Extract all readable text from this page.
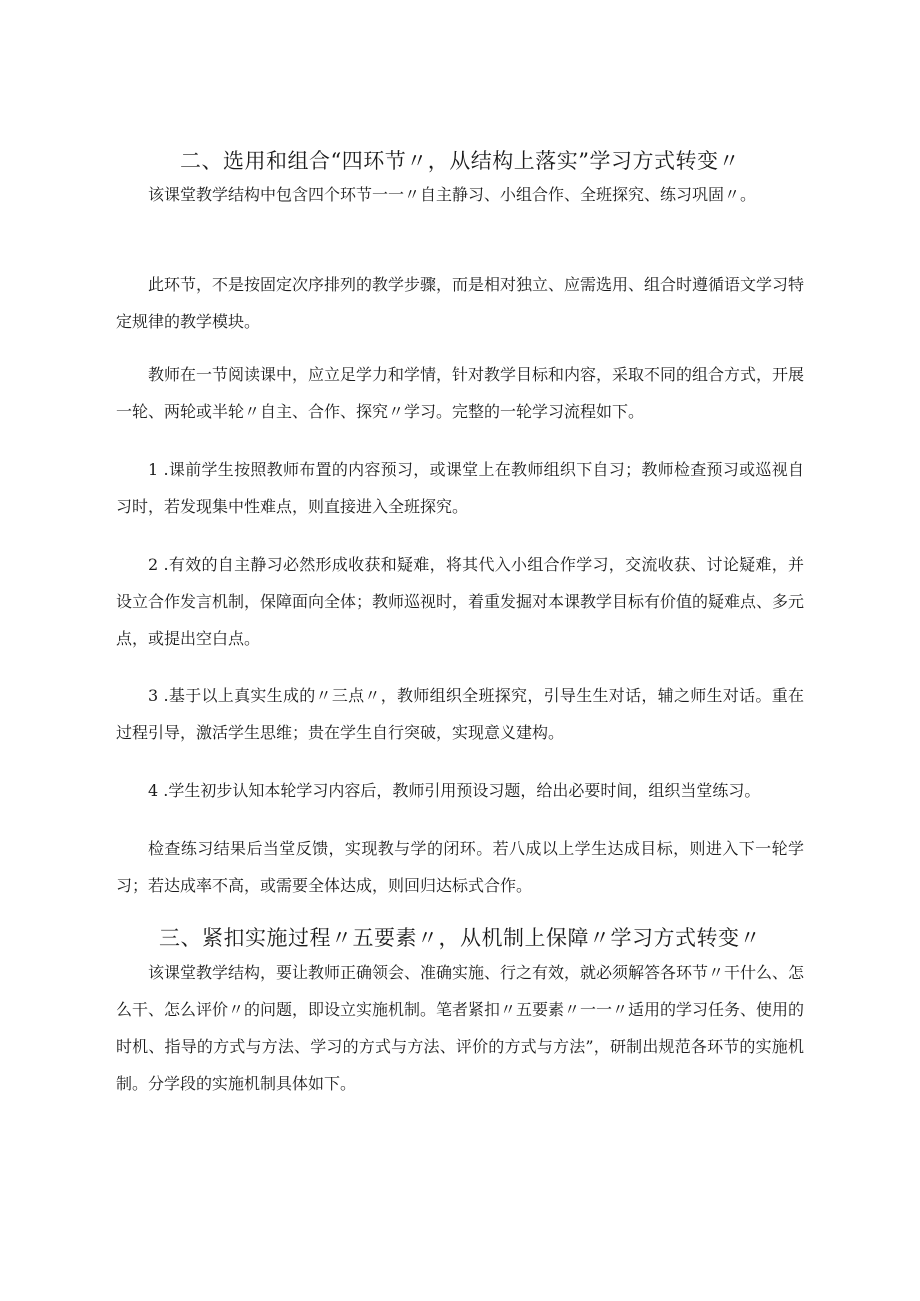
二、选用和组合“四环节〃，从结构上落实”学习方式转变〃

该课堂教学结构中包含四个环节一一〃自主静习、小组合作、全班探究、练习巩固〃。

此环节，不是按固定次序排列的教学步骤，而是相对独立、应需选用、组合时遵循语文学习特定规律的教学模块。

教师在一节阅读课中，应立足学力和学情，针对教学目标和内容，采取不同的组合方式，开展一轮、两轮或半轮〃自主、合作、探究〃学习。完整的一轮学习流程如下。

1 .课前学生按照教师布置的内容预习，或课堂上在教师组织下自习；教师检查预习或巡视自习时，若发现集中性难点，则直接进入全班探究。

2 .有效的自主静习必然形成收获和疑难，将其代入小组合作学习，交流收获、讨论疑难，并设立合作发言机制，保障面向全体；教师巡视时，着重发掘对本课教学目标有价值的疑难点、多元点，或提出空白点。

3 .基于以上真实生成的〃三点〃，教师组织全班探究，引导生生对话，辅之师生对话。重在过程引导，激活学生思维；贵在学生自行突破，实现意义建构。

4 .学生初步认知本轮学习内容后，教师引用预设习题，给出必要时间，组织当堂练习。

检查练习结果后当堂反馈，实现教与学的闭环。若八成以上学生达成目标，则进入下一轮学习；若达成率不高，或需要全体达成，则回归达标式合作。

三、紧扣实施过程〃五要素〃，从机制上保障〃学习方式转变〃

该课堂教学结构，要让教师正确领会、准确实施、行之有效，就必须解答各环节〃干什么、怎么干、怎么评价〃的问题，即设立实施机制。笔者紧扣〃五要素〃一一〃适用的学习任务、使用的时机、指导的方式与方法、学习的方式与方法、评价的方式与方法”，研制出规范各环节的实施机制。分学段的实施机制具体如下。
